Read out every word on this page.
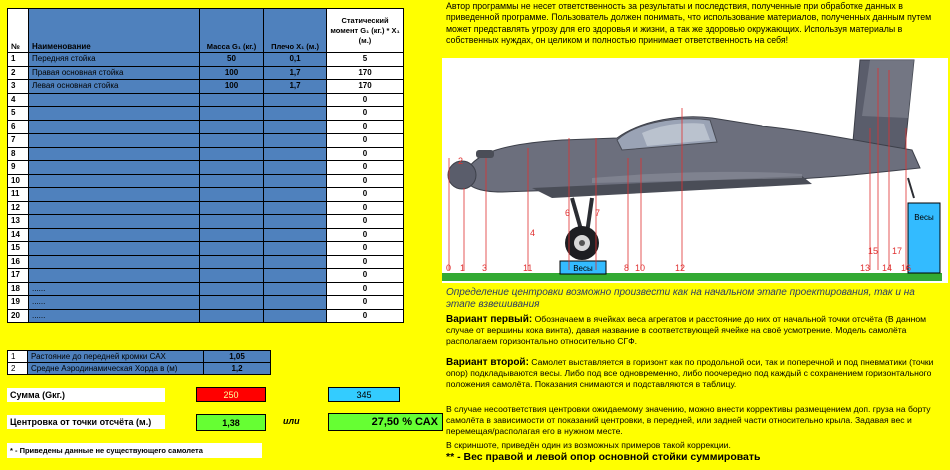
№	Наименование	Масса G₁ (кг.)	Плечо X₁ (м.)	Статический момент G₁ (кг.) * X₁ (м.)
1	Передняя стойка	50	0,1	5
2	Правая основная стойка	100	1,7	170
3	Левая основная стойка	100	1,7	170
4				0
5				0
6				0
7				0
8				0
9				0
10				0
11				0
12				0
13				0
14				0
15				0
16				0
17				0
18	......			0
19	......			0
20	......			0
1	Растояние до передней кромки САХ	1,05
2	Средне Аэродинамическая Хорда в (м)	1,2
Сумма (Gкг.)	250	345
Центровка от точки отсчёта (м.)	1,38	или	27,50 % САХ
* - Приведены данные не существующего самолета
Автор программы не несет ответственность за результаты и последствия, полученные при обработке данных в приведенной программе. Пользователь должен понимать, что использование материалов, полученных данным путем может представлять угрозу для его здоровья и жизни, а так же здоровью окружающих. Используя материалы в собственных нуждах, он целиком и полностью принимает ответственность на себя!
Весы
Весы
0 1
2
3
4
6	7
8 10
11	12	13 14
15
16
17
Определение центровки возможно произвести как на начальном этапе проектирования, так и на этапе взвешивания
Вариант первый: Обозначаем в ячейках веса агрегатов и расстояние до них от начальной точки отсчёта (В данном случае от вершины кока винта), давая название в соответствующей ячейке на своё усмотрение. Модель самолёта располагаем горизонтально относительно СГФ.
Вариант второй: Самолет выставляется в горизонт как по продольной оси, так и поперечной и под пневматики (точки опор) подкладываются весы. Либо под все одновременно, либо поочередно под каждый с сохранением горизонтального положения самолёта. Показания снимаются и подставляются в таблицу.
В случае несоответствия центровки ожидаемому значению, можно внести коррективы размещением доп. груза на борту самолёта в зависимости от показаний центровки, в передней, или задней части относительно крыла. Задавая вес и перемещая/располагая его в нужном месте.
В скриншоте, приведён один из возможных примеров такой коррекции.
** - Вес правой и левой опор основной стойки суммировать
